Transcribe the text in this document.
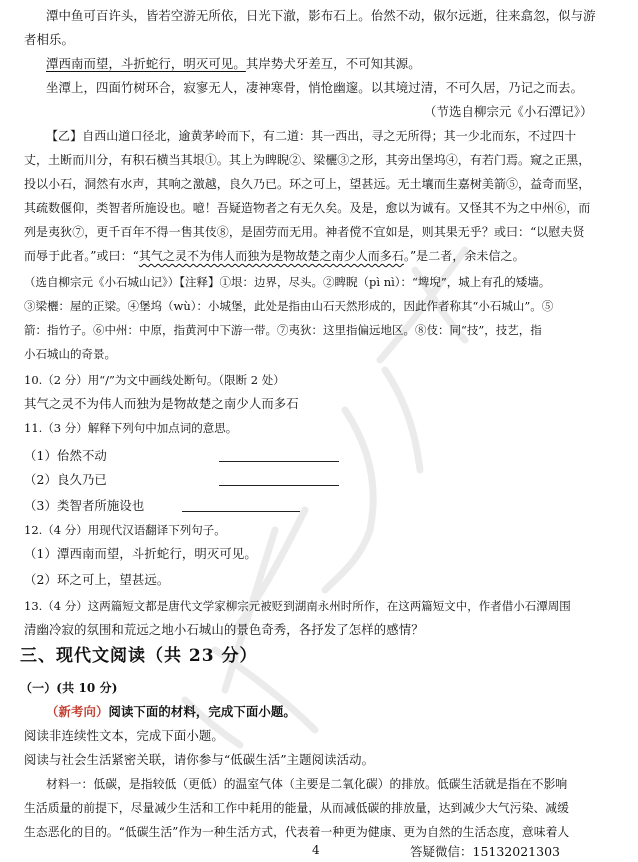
潭中鱼可百许头，皆若空游无所依，日光下澈，影布石上。佁然不动，俶尔远逝，往来翕忽，似与游
者相乐。
潭西南而望，斗折蛇行，明灭可见。其岸势犬牙差互，不可知其源。
坐潭上，四面竹树环合，寂寥无人，凄神寒骨，悄怆幽邃。以其境过清，不可久居，乃记之而去。
（节选自柳宗元《小石潭记》）
【乙】自西山道口径北，逾黄茅岭而下，有二道：其一西出，寻之无所得；其一少北而东，不过四十
丈，土断而川分，有积石横当其垠①。其上为睥睨②、梁欐③之形，其旁出堡坞④，有若门焉。窥之正黑，
投以小石，洞然有水声，其响之激越，良久乃已。环之可上，望甚远。无土壤而生嘉树美箭⑤，益奇而坚，
其疏数偃仰，类智者所施设也。噫！吾疑造物者之有无久矣。及是，愈以为诚有。又怪其不为之中州⑥，而
列是夷狄⑦，更千百年不得一售其伎⑧，是固劳而无用。神者傥不宜如是，则其果无乎？或曰：“以慰夫贤
而辱于此者。”或曰：“其气之灵不为伟人而独为是物故楚之南少人而多石。”是二者，余未信之。
（选自柳宗元《小石城山记》）【注释】①垠：边界，尽头。②睥睨（pì nì）：“埤堄”，城上有孔的矮墙。
③梁欐：屋的正梁。④堡坞（wù）：小城堡，此处是指由山石天然形成的，因此作者称其“小石城山”。⑤
箭：指竹子。⑥中州：中原，指黄河中下游一带。⑦夷狄：这里指偏远地区。⑧伎：同“技”，技艺，指
小石城山的奇景。
10.（2 分）用“/”为文中画线处断句。（限断 2 处）
其气之灵不为伟人而独为是物故楚之南少人而多石
11.（3 分）解释下列句中加点词的意思。
（1）佁然不动
（2）良久乃已
（3）类智者所施设也
12.（4 分）用现代汉语翻译下列句子。
（1）潭西南而望，斗折蛇行，明灭可见。
（2）环之可上，望甚远。
13.（4 分）这两篇短文都是唐代文学家柳宗元被贬到湖南永州时所作，在这两篇短文中，作者借小石潭周围
清幽冷寂的氛围和荒远之地小石城山的景色奇秀，各抒发了怎样的感情？
三、现代文阅读（共 23 分）
（一）(共 10 分)
（新考向）阅读下面的材料，完成下面小题。
阅读非连续性文本，完成下面小题。
阅读与社会生活紧密关联，请你参与“低碳生活”主题阅读活动。
材料一：低碳，是指较低（更低）的温室气体（主要是二氧化碳）的排放。低碳生活就是指在不影响
生活质量的前提下，尽量减少生活和工作中耗用的能量，从而减低碳的排放量，达到减少大气污染、减缓
生态恶化的目的。“低碳生活”作为一种生活方式，代表着一种更为健康、更为自然的生活态度，意味着人
4	答疑微信：15132021303
